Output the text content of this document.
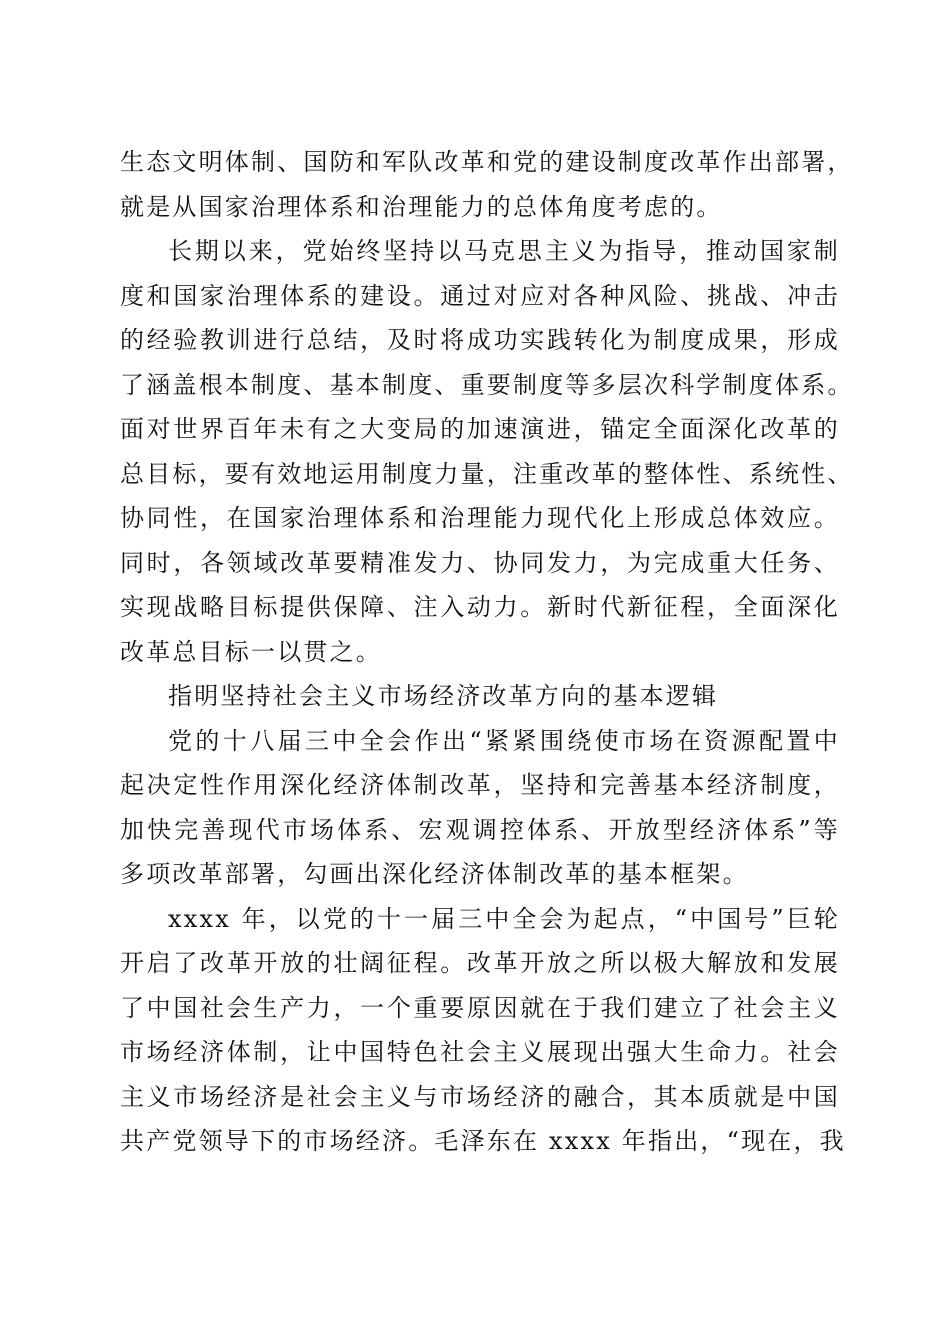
生态文明体制、国防和军队改革和党的建设制度改革作出部署，
就是从国家治理体系和治理能力的总体角度考虑的。
长期以来，党始终坚持以马克思主义为指导，推动国家制
度和国家治理体系的建设。通过对应对各种风险、挑战、冲击
的经验教训进行总结，及时将成功实践转化为制度成果，形成
了涵盖根本制度、基本制度、重要制度等多层次科学制度体系。
面对世界百年未有之大变局的加速演进，锚定全面深化改革的
总目标，要有效地运用制度力量，注重改革的整体性、系统性、
协同性，在国家治理体系和治理能力现代化上形成总体效应。
同时，各领域改革要精准发力、协同发力，为完成重大任务、
实现战略目标提供保障、注入动力。新时代新征程，全面深化
改革总目标一以贯之。
指明坚持社会主义市场经济改革方向的基本逻辑
党的十八届三中全会作出“紧紧围绕使市场在资源配置中
起决定性作用深化经济体制改革，坚持和完善基本经济制度，
加快完善现代市场体系、宏观调控体系、开放型经济体系”等
多项改革部署，勾画出深化经济体制改革的基本框架。
xxxx 年，以党的十一届三中全会为起点，“中国号”巨轮
开启了改革开放的壮阔征程。改革开放之所以极大解放和发展
了中国社会生产力，一个重要原因就在于我们建立了社会主义
市场经济体制，让中国特色社会主义展现出强大生命力。社会
主义市场经济是社会主义与市场经济的融合，其本质就是中国
共产党领导下的市场经济。毛泽东在 xxxx 年指出，“现在，我
